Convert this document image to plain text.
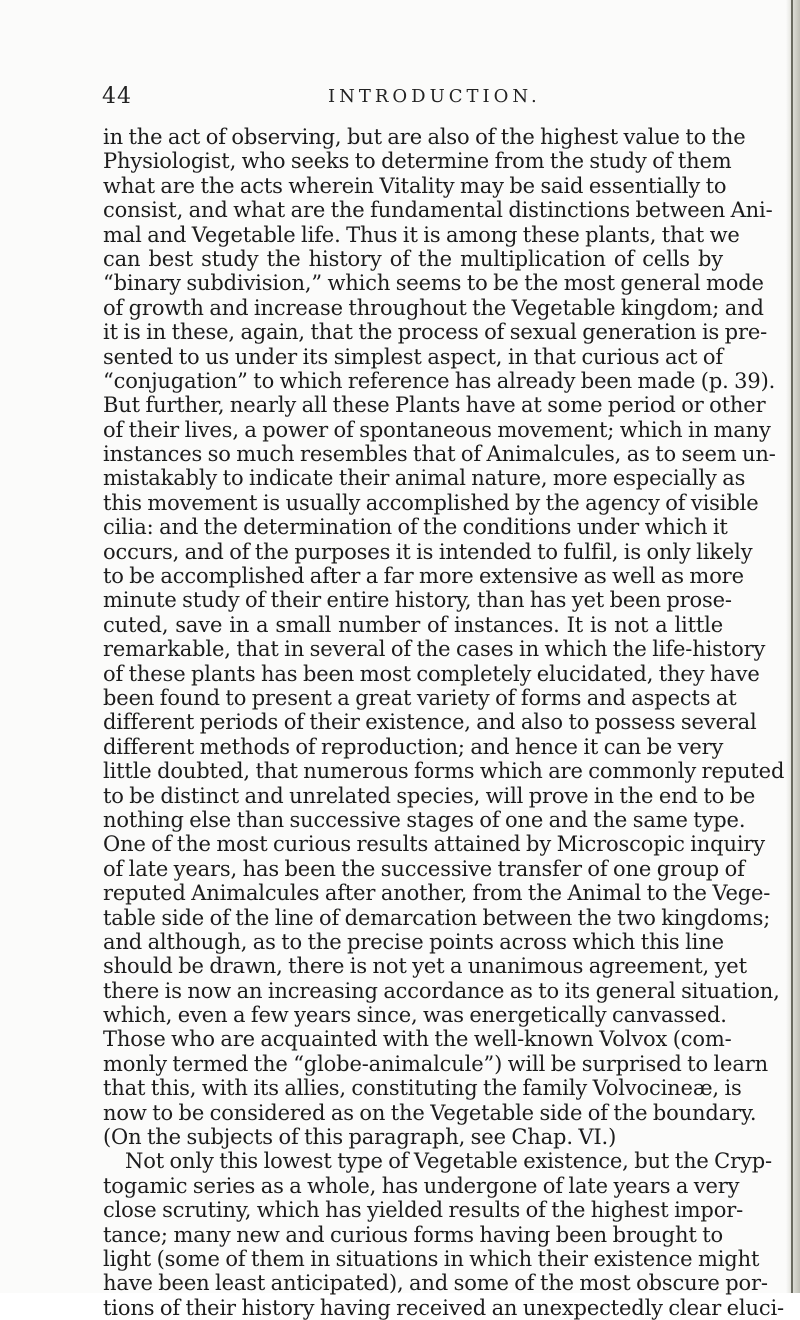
44	INTRODUCTION.
in the act of observing, but are also of the highest value to the
Physiologist, who seeks to determine from the study of them
what are the acts wherein Vitality may be said essentially to
consist, and what are the fundamental distinctions between Ani-
mal and Vegetable life. Thus it is among these plants, that we
can best study the history of the multiplication of cells by
“binary subdivision,” which seems to be the most general mode
of growth and increase throughout the Vegetable kingdom; and
it is in these, again, that the process of sexual generation is pre-
sented to us under its simplest aspect, in that curious act of
“conjugation” to which reference has already been made (p. 39).
But further, nearly all these Plants have at some period or other
of their lives, a power of spontaneous movement; which in many
instances so much resembles that of Animalcules, as to seem un-
mistakably to indicate their animal nature, more especially as
this movement is usually accomplished by the agency of visible
cilia: and the determination of the conditions under which it
occurs, and of the purposes it is intended to fulfil, is only likely
to be accomplished after a far more extensive as well as more
minute study of their entire history, than has yet been prose-
cuted, save in a small number of instances. It is not a little
remarkable, that in several of the cases in which the life-history
of these plants has been most completely elucidated, they have
been found to present a great variety of forms and aspects at
different periods of their existence, and also to possess several
different methods of reproduction; and hence it can be very
little doubted, that numerous forms which are commonly reputed
to be distinct and unrelated species, will prove in the end to be
nothing else than successive stages of one and the same type.
One of the most curious results attained by Microscopic inquiry
of late years, has been the successive transfer of one group of
reputed Animalcules after another, from the Animal to the Vege-
table side of the line of demarcation between the two kingdoms;
and although, as to the precise points across which this line
should be drawn, there is not yet a unanimous agreement, yet
there is now an increasing accordance as to its general situation,
which, even a few years since, was energetically canvassed.
Those who are acquainted with the well-known Volvox (com-
monly termed the “globe-animalcule”) will be surprised to learn
that this, with its allies, constituting the family Volvocineæ, is
now to be considered as on the Vegetable side of the boundary.
(On the subjects of this paragraph, see Chap. VI.)
Not only this lowest type of Vegetable existence, but the Cryp-
togamic series as a whole, has undergone of late years a very
close scrutiny, which has yielded results of the highest impor-
tance; many new and curious forms having been brought to
light (some of them in situations in which their existence might
have been least anticipated), and some of the most obscure por-
tions of their history having received an unexpectedly clear eluci-
